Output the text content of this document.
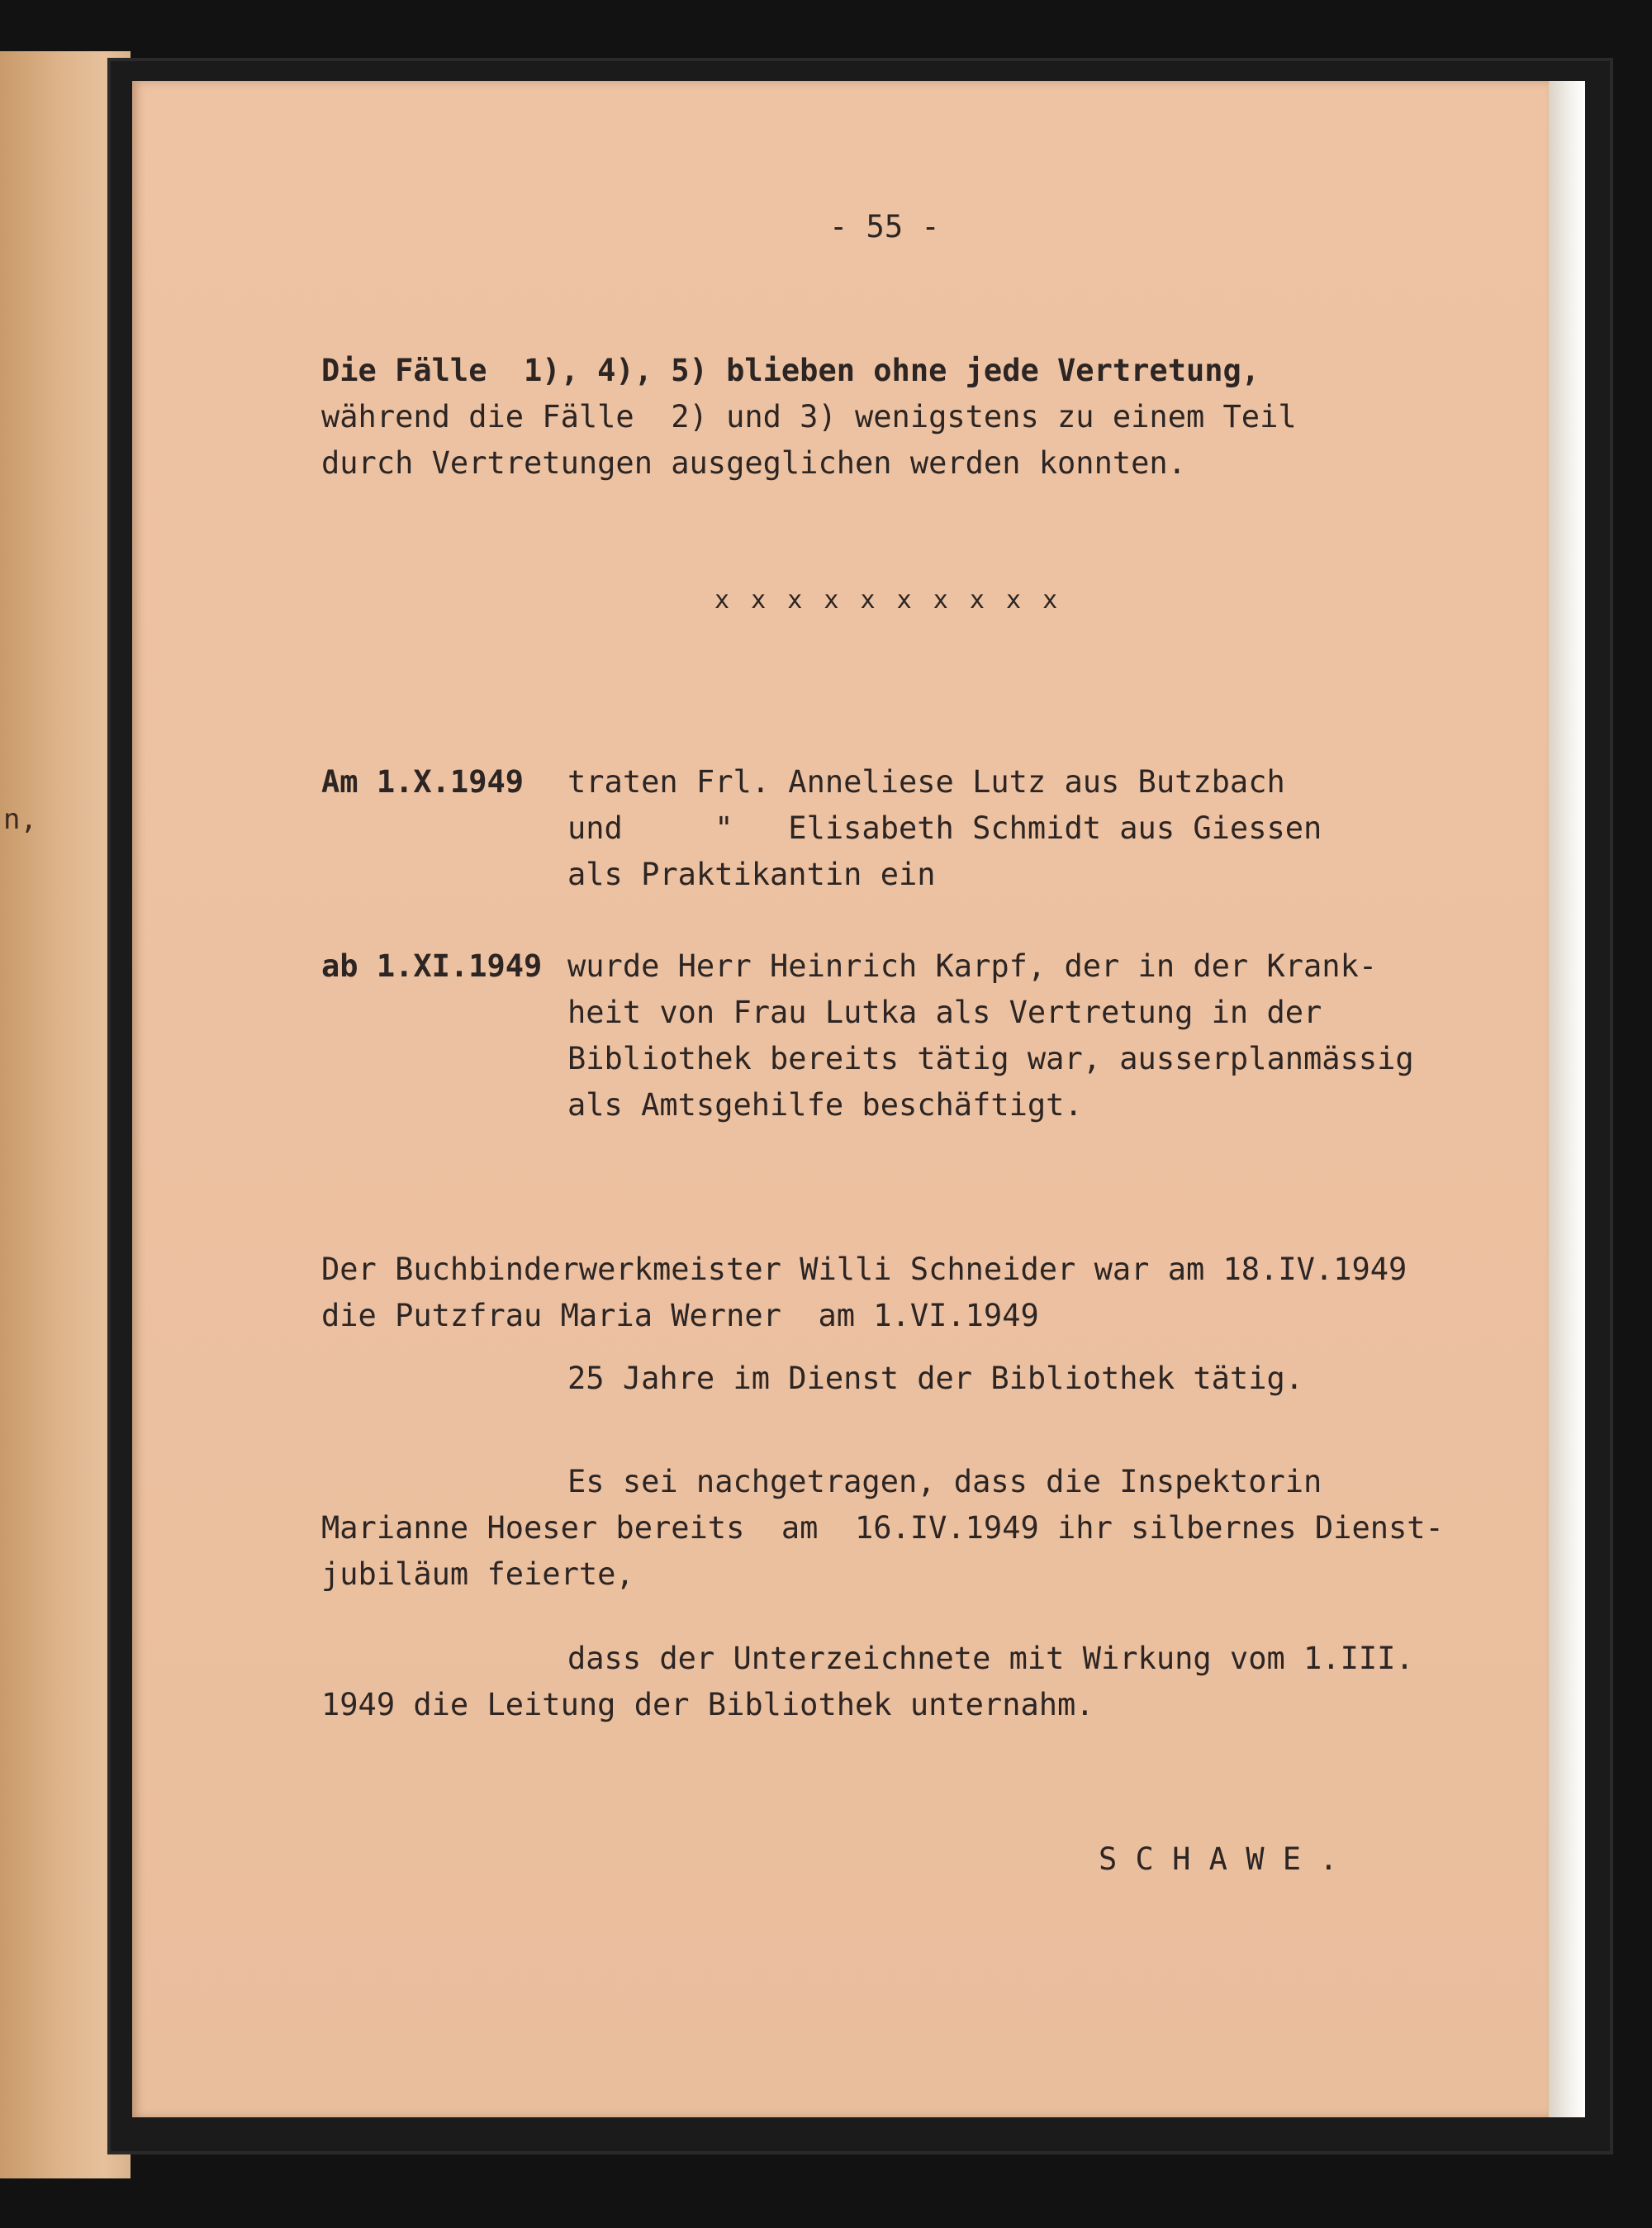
n,
- 55 -
Die Fälle  1), 4), 5) blieben ohne jede Vertretung,
während die Fälle  2) und 3) wenigstens zu einem Teil
durch Vertretungen ausgeglichen werden konnten.
x x x x x x x x x x
Am 1.X.1949 traten Frl. Anneliese Lutz aus Butzbach
und     "   Elisabeth Schmidt aus Giessen
als Praktikantin ein
ab 1.XI.1949 wurde Herr Heinrich Karpf, der in der Krank-
heit von Frau Lutka als Vertretung in der
Bibliothek bereits tätig war, ausserplanmässig
als Amtsgehilfe beschäftigt.
Der Buchbinderwerkmeister Willi Schneider war am 18.IV.1949
die Putzfrau Maria Werner  am 1.VI.1949
25 Jahre im Dienst der Bibliothek tätig.
Es sei nachgetragen, dass die Inspektorin
Marianne Hoeser bereits  am  16.IV.1949 ihr silbernes Dienst-
jubiläum feierte,
dass der Unterzeichnete mit Wirkung vom 1.III.
1949 die Leitung der Bibliothek unternahm.
S C H A W E .
